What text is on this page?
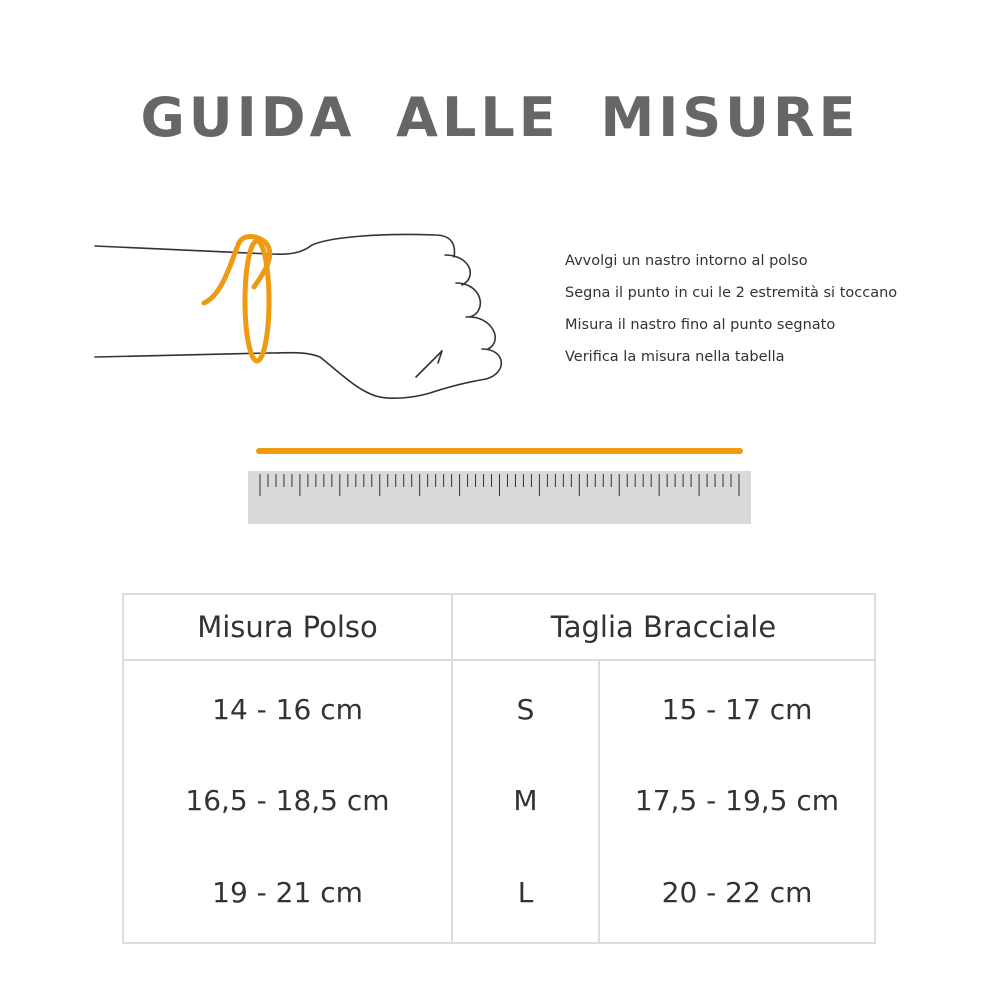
GUIDA ALLE MISURE
Avvolgi un nastro intorno al polso
Segna il punto in cui le 2 estremità si toccano
Misura il nastro fino al punto segnato
Verifica la misura nella tabella
Misura Polso	Taglia Bracciale	
14 - 16 cm	S	15 - 17 cm
16,5 - 18,5 cm	M	17,5 - 19,5 cm
19 - 21 cm	L	20 - 22 cm
